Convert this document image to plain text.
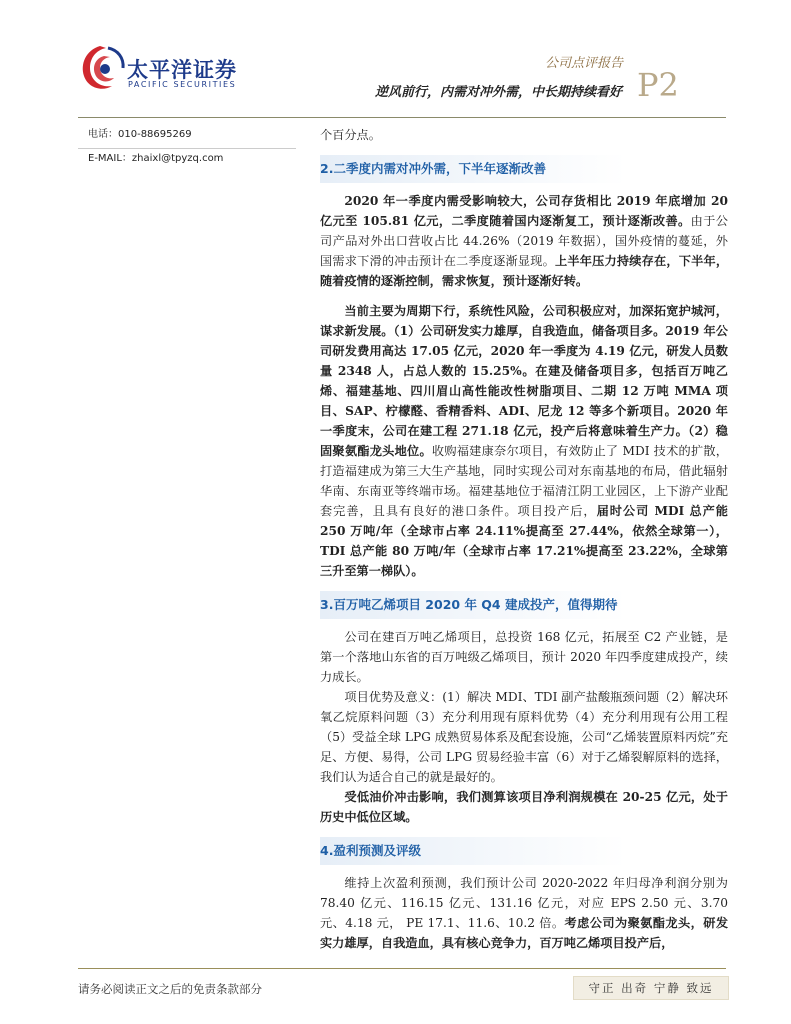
太平洋证券
PACIFIC SECURITIES
公司点评报告
逆风前行，内需对冲外需，中长期持续看好 P2
电话：010-88695269
E-MAIL：zhaixl@tpyzq.com

个百分点。

2.二季度内需对冲外需，下半年逐渐改善

2020 年一季度内需受影响较大，公司存货相比 2019 年底增加 20 亿元至 105.81 亿元，二季度随着国内逐渐复工，预计逐渐改善。由于公司产品对外出口营收占比 44.26%（2019 年数据），国外疫情的蔓延，外国需求下滑的冲击预计在二季度逐渐显现。上半年压力持续存在，下半年，随着疫情的逐渐控制，需求恢复，预计逐渐好转。

当前主要为周期下行，系统性风险，公司积极应对，加深拓宽护城河，谋求新发展。（1）公司研发实力雄厚，自我造血，储备项目多。2019 年公司研发费用高达 17.05 亿元，2020 年一季度为 4.19 亿元，研发人员数量 2348 人，占总人数的 15.25%。在建及储备项目多，包括百万吨乙烯、福建基地、四川眉山高性能改性树脂项目、二期 12 万吨 MMA 项目、SAP、柠檬醛、香精香料、ADI、尼龙 12 等多个新项目。2020 年一季度末，公司在建工程 271.18 亿元，投产后将意味着生产力。（2）稳固聚氨酯龙头地位。收购福建康奈尔项目，有效防止了 MDI 技术的扩散，打造福建成为第三大生产基地，同时实现公司对东南基地的布局，借此辐射华南、东南亚等终端市场。福建基地位于福清江阴工业园区，上下游产业配套完善，且具有良好的港口条件。项目投产后，届时公司 MDI 总产能 250 万吨/年（全球市占率 24.11%提高至 27.44%，依然全球第一），TDI 总产能 80 万吨/年（全球市占率 17.21%提高至 23.22%，全球第三升至第一梯队）。

3.百万吨乙烯项目 2020 年 Q4 建成投产，值得期待

公司在建百万吨乙烯项目，总投资 168 亿元，拓展至 C2 产业链，是第一个落地山东省的百万吨级乙烯项目，预计 2020 年四季度建成投产，续力成长。

项目优势及意义：(1）解决 MDI、TDI 副产盐酸瓶颈问题（2）解决环氧乙烷原料问题（3）充分利用现有原料优势（4）充分利用现有公用工程（5）受益全球 LPG 成熟贸易体系及配套设施，公司“乙烯装置原料丙烷”充足、方便、易得，公司 LPG 贸易经验丰富（6）对于乙烯裂解原料的选择，我们认为适合自己的就是最好的。

受低油价冲击影响，我们测算该项目净利润规模在 20-25 亿元，处于历史中低位区域。

4.盈利预测及评级

维持上次盈利预测，我们预计公司 2020-2022 年归母净利润分别为 78.40 亿元、116.15 亿元、131.16 亿元，对应 EPS 2.50 元、3.70 元、4.18 元， PE 17.1、11.6、10.2 倍。考虑公司为聚氨酯龙头，研发实力雄厚，自我造血，具有核心竞争力，百万吨乙烯项目投产后，

请务必阅读正文之后的免责条款部分	守正 出奇 宁静 致远
